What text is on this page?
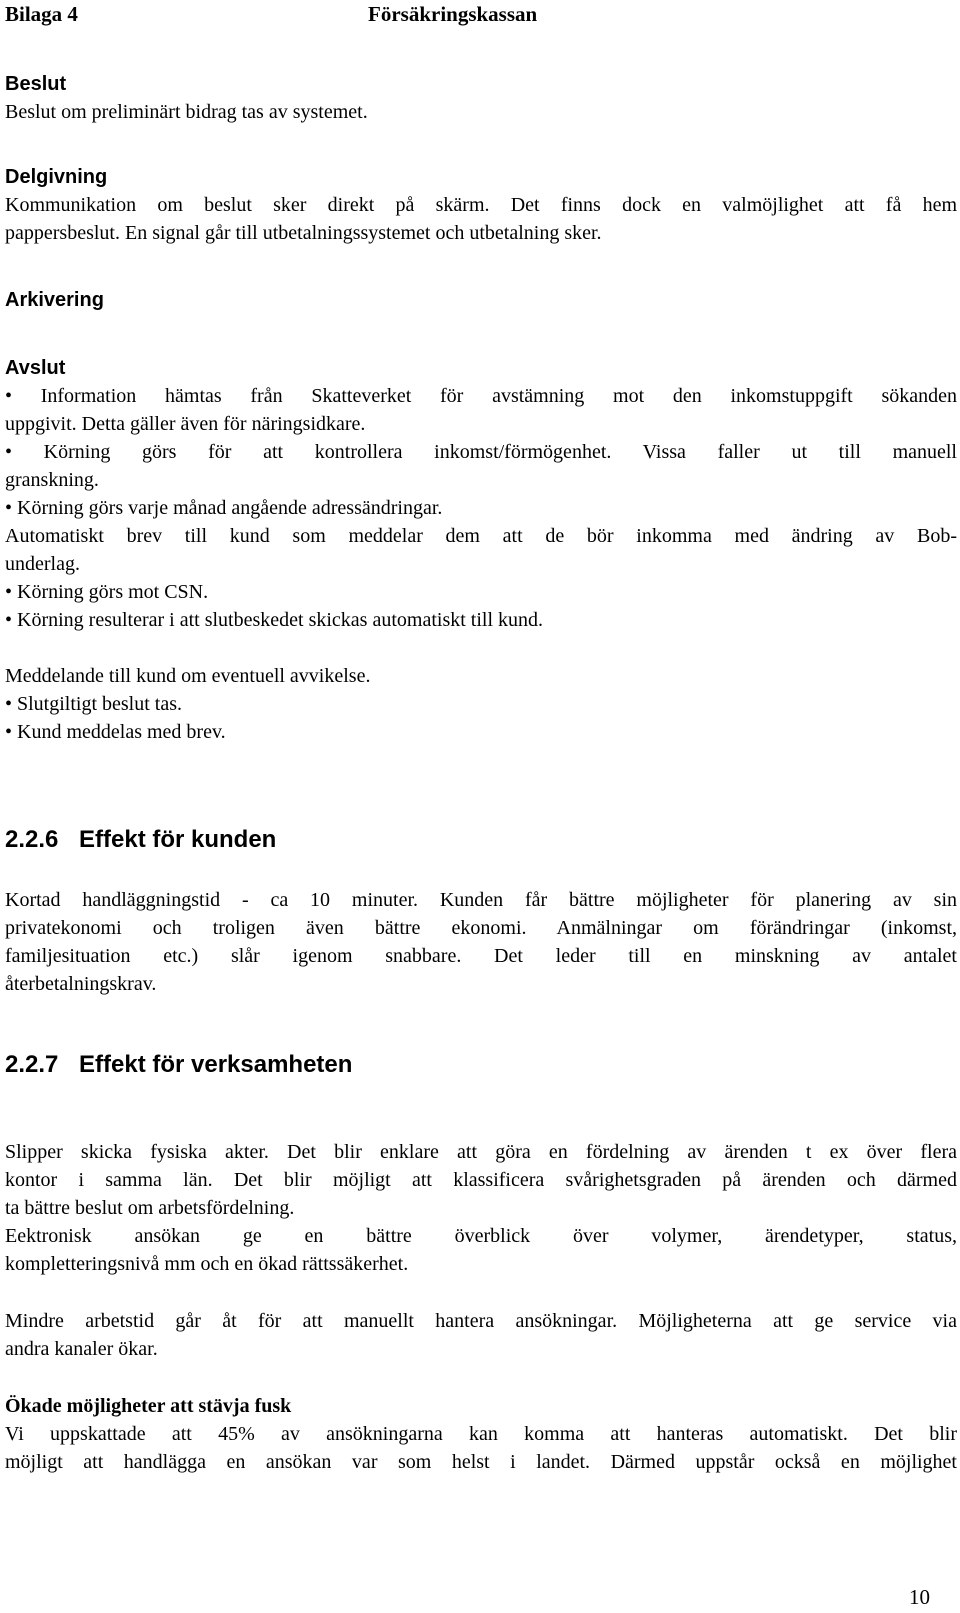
Bilaga 4	Försäkringskassan
Beslut
Beslut om preliminärt bidrag tas av systemet.
Delgivning
Kommunikation om beslut sker direkt på skärm. Det finns dock en valmöjlighet att få hem
pappersbeslut. En signal går till utbetalningssystemet och utbetalning sker.
Arkivering
Avslut
• Information hämtas från Skatteverket för avstämning mot den inkomstuppgift sökanden
uppgivit. Detta gäller även för näringsidkare.
• Körning görs för att kontrollera inkomst/förmögenhet. Vissa faller ut till manuell
granskning.
• Körning görs varje månad angående adressändringar.
Automatiskt brev till kund som meddelar dem att de bör inkomma med ändring av Bob-
underlag.
• Körning görs mot CSN.
• Körning resulterar i att slutbeskedet skickas automatiskt till kund.
Meddelande till kund om eventuell avvikelse.
• Slutgiltigt beslut tas.
• Kund meddelas med brev.
2.2.6 Effekt för kunden
Kortad handläggningstid - ca 10 minuter. Kunden får bättre möjligheter för planering av sin
privatekonomi och troligen även bättre ekonomi. Anmälningar om förändringar (inkomst,
familjesituation etc.) slår igenom snabbare. Det leder till en minskning av antalet
återbetalningskrav.
2.2.7 Effekt för verksamheten
Slipper skicka fysiska akter. Det blir enklare att göra en fördelning av ärenden t ex över flera
kontor i samma län. Det blir möjligt att klassificera svårighetsgraden på ärenden och därmed
ta bättre beslut om arbetsfördelning.
Eektronisk ansökan ge en bättre överblick över volymer, ärendetyper, status,
kompletteringsnivå mm och en ökad rättssäkerhet.
Mindre arbetstid går åt för att manuellt hantera ansökningar. Möjligheterna att ge service via
andra kanaler ökar.
Ökade möjligheter att stävja fusk
Vi uppskattade att 45% av ansökningarna kan komma att hanteras automatiskt. Det blir
möjligt att handlägga en ansökan var som helst i landet. Därmed uppstår också en möjlighet
10
